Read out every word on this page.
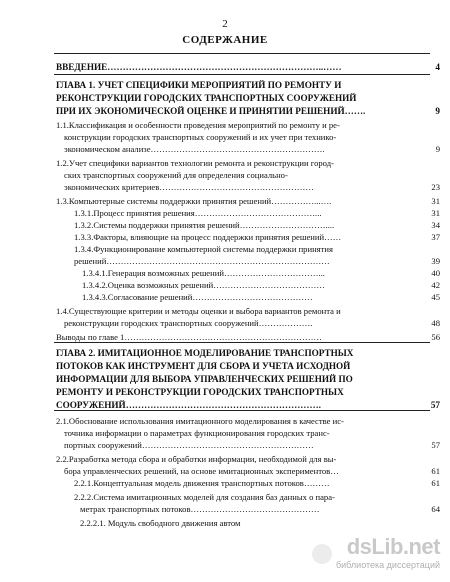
2
СОДЕРЖАНИЕ
ВВЕДЕНИЕ……………………………………………………………..……	4
ГЛАВА 1. УЧЕТ СПЕЦИФИКИ МЕРОПРИЯТИЙ ПО РЕМОНТУ И
РЕКОНСТРУКЦИИ ГОРОДСКИХ ТРАНСПОРТНЫХ СООРУЖЕНИЙ
ПРИ ИХ ЭКОНОМИЧЕСКОЙ ОЦЕНКЕ И ПРИНЯТИИ РЕШЕНИЙ…….	9
1.1.Классификация и особенности проведения мероприятий по ремонту и ре-
конструкции городских транспортных сооружений и их учет при технико-
экономическом анализе…………………………………………………….	9
1.2.Учет специфики вариантов технологии ремонта и реконструкции город-
ских транспортных сооружений для определения социально-
экономических критериев………………………………………………	23
1.3.Компьютерные системы поддержки принятия решений……………...….	31
1.3.1.Процесс принятия решения……………………………………...	31
1.3.2.Системы поддержки принятия решений…………………………....	34
1.3.3.Факторы, влияющие на процесс поддержки принятия решений……	37
1.3.4.Функционирование компьютерной системы поддержки принятия
решений……………………………………………………………………	39
1.3.4.1.Генерация возможных решений……………………………...	40
1.3.4.2.Оценка возможных решений…………………………………	42
1.3.4.3.Согласование решений……………………………………	45
1.4.Существующие критерии и методы оценки и выбора вариантов ремонта и
реконструкции городских транспортных сооружений……………….	48
Выводы по главе 1……………………………………………………………	56
ГЛАВА 2. ИМИТАЦИОННОЕ МОДЕЛИРОВАНИЕ ТРАНСПОРТНЫХ
ПОТОКОВ КАК ИНСТРУМЕНТ ДЛЯ СБОРА И УЧЕТА ИСХОДНОЙ
ИНФОРМАЦИИ ДЛЯ ВЫБОРА УПРАВЛЕНЧЕСКИХ РЕШЕНИЙ ПО
РЕМОНТУ И РЕКОНСТРУКЦИИ ГОРОДСКИХ ТРАНСПОРТНЫХ
СООРУЖЕНИЙ……………………………………………………….	57
2.1.Обоснование использования имитационного моделирования в качестве ис-
точника информации о параметрах функционирования городских транс-
портных сооружений……………………………………………………	57
2.2.Разработка метода сбора и обработки информации, необходимой для вы-
бора управленческих решений, на основе имитационных экспериментов…	61
2.2.1.Концептуальная модель движения транспортных потоков………	61
2.2.2.Система имитационных моделей для создания баз данных о пара-
метрах транспортных потоков………………………………………	64
2.2.2.1. Модуль свободного движения автом
dsLib.net
библиотека диссертаций
